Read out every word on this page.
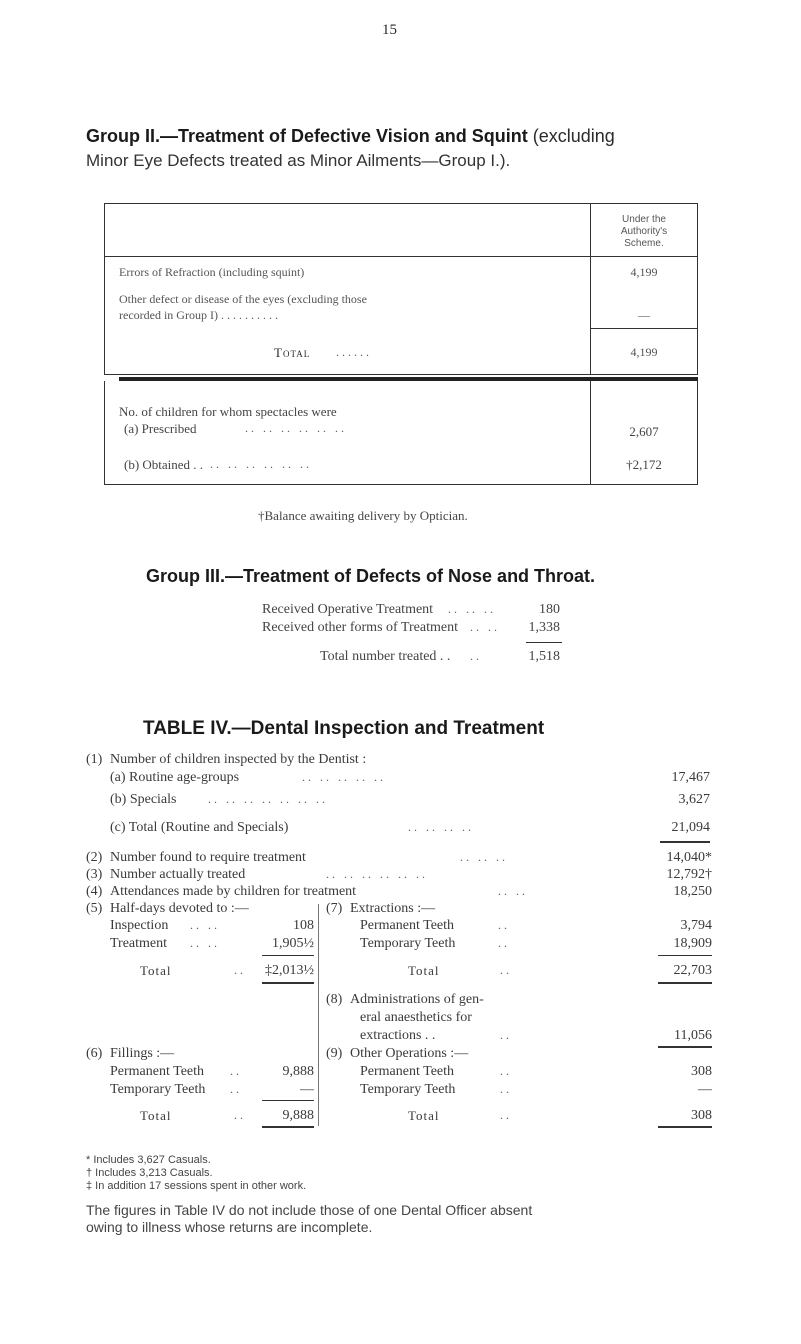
15
Group II.—Treatment of Defective Vision and Squint (excluding
Minor Eye Defects treated as Minor Ailments—Group I.).
Under the
Authority's
Scheme.
Errors of Refraction (including squint)	4,199
Other defect or disease of the eyes (excluding those
recorded in Group I) . . . . . . . . . .	—
Total . . . . . .	4,199
No. of children for whom spectacles were
(a) Prescribed	. .   . .   . .   . .   . .   . .	2,607
(b) Obtained . . . .   . .   . .   . .   . .   . .	†2,172
†Balance awaiting delivery by Optician.
Group III.—Treatment of Defects of Nose and Throat.
Received Operative Treatment . .   . .   . .	180
Received other forms of Treatment . .   . .	1,338
Total number treated . . . .	1,518
TABLE IV.—Dental Inspection and Treatment
(1) Number of children inspected by the Dentist :
(a) Routine age-groups	. .   . .   . .   . .   . .	17,467
(b) Specials	. .   . .   . .   . .   . .   . .   . .	3,627
(c) Total (Routine and Specials)	. .   . .   . .   . .	21,094
(2) Number found to require treatment	. .   . .   . .	14,040*
(3) Number actually treated	. .   . .   . .   . .   . .   . .	12,792†
(4) Attendances made by children for treatment	. .   . .	18,250
(5) Half-days devoted to :—
Inspection . .   . .	108
Treatment . .   . .	1,905½
Total	. .	‡2,013½
(7) Extractions :—
Permanent Teeth	. .	3,794
Temporary Teeth	. .	18,909
Total	. .	22,703
(8) Administrations of gen-
eral anaesthetics for
extractions . .	. .	11,056
(6) Fillings :—
Permanent Teeth . .	9,888
Temporary Teeth . .	—
Total	. .	9,888
(9) Other Operations :—
Permanent Teeth	. .	308
Temporary Teeth	. .	—
Total	. .	308
* Includes 3,627 Casuals.
† Includes 3,213 Casuals.
‡ In addition 17 sessions spent in other work.
The figures in Table IV do not include those of one Dental Officer absent
owing to illness whose returns are incomplete.
